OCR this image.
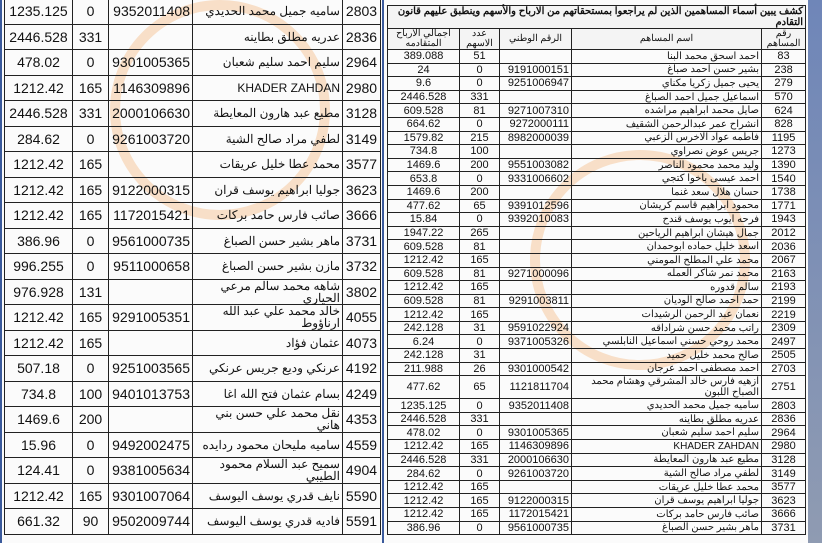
1235.125	0	9352011408	ساميه جميل محمد الحديدي	2803
2446.528	331		عدريه مطلق بطاينه	2836
478.02	0	9301005365	سليم احمد سليم شعبان	2964
1212.42	165	1146309896	KHADER ZAHDAN	2980
2446.528	331	2000106630	مطيع عبد هارون المعايطة	3128
284.62	0	9261003720	لطفي مراد صالح الشية	3149
1212.42	165		محمد عطا خليل عريقات	3577
1212.42	165	9122000315	جوليا ابراهيم يوسف قران	3623
1212.42	165	1172015421	صائب فارس حامد بركات	3666
386.96	0	9561000735	ماهر بشير حسن الصباغ	3731
996.255	0	9511000658	مازن بشير حسن الصباغ	3732
976.928	131		شاهه محمد سالم مرعي الحياري	3802
1212.42	165	9291005351	خالد محمد علي عبد الله ارناؤوط	4055
1212.42	165		عثمان فؤاد	4073
507.18	0	9251003565	عرنكي وديع جريس عرنكي	4192
734.8	100	9401013753	بسام عثمان فتح الله اغا	4249
1469.6	200		نقل محمد علي حسن بني هاني	4353
15.96	0	9492002475	ساميه مليحان محمود ردايده	4559
124.41	0	9381005634	سميح عبد السلام محمود الطيبي	4904
1212.42	165	9301007064	نايف قدري يوسف اليوسف	5590
661.32	90	9502009744	فاديه قدري يوسف اليوسف	5591
كشف يبين أسماء المساهمين الذين لم يراجعوا بمستحقاتهم من الارباح والأسهم وينطبق عليهم قانون التقادم				
اجمالي الارباح المتقادمه	عدد الاسهم	الرقم الوطني	اسم المساهم	رقم المساهم
389.088	51		احمد اسحق محمد البنا	83
24	0	9191000151	بشير حسن احمد صباغ	238
9.6	0	9251006947	يحيى جميل زكريا مكناي	279
2446.528	331		اسماعيل جميل احمد الصباغ	570
609.528	81	9271007310	صايل محمد ابراهيم مراشده	624
664.62	0	9272000111	انشراح عمر عبدالرحمن الشقيف	828
1579.82	215	8982000039	فاطمه عواد الاخرس الزعبي	1195
734.8	100		جريس عوض نصراوي	1273
1469.6	200	9551003082	وليد محمد محمود الناصر	1390
653.8	0	9331006602	احمد عيسى باخوا كتجي	1540
1469.6	200		حسان هلال سعد غنما	1738
477.62	65	9391012596	محمود ابراهيم قاسم كريشان	1771
15.84	0	9392010083	فرحه ايوب يوسف قندح	1943
1947.22	265		جمال هيشان ابراهيم الرياحين	2012
609.528	81		اسعد خليل حماده ابوحمدان	2036
1212.42	165		محمد علي المطلح المومني	2067
609.528	81	9271000096	محمد نمر شاكر العمله	2163
1212.42	165		سالم قدوره	2193
609.528	81	9291003811	حمد احمد صالح الوديان	2199
1212.42	165		نعمان عبد الرحمن الرشيدات	2219
242.128	31	9591022924	راتب محمد حسن شراداقه	2309
6.24	0	9371005326	محمد روحي حسني اسماعيل النابلسي	2497
242.128	31		صالح محمد خليل حميد	2505
211.988	26	9301000542	احمد مصطفى احمد عرجان	2703
477.62	65	1121811704	ازهيه فارس خالد المشرقي وهشام محمد الصباح اللبون	2751
1235.125	0	9352011408	ساميه جميل محمد الحديدي	2803
2446.528	331		عدريه مطلق بطاينه	2836
478.02	0	9301005365	سليم احمد سليم شعبان	2964
1212.42	165	1146309896	KHADER ZAHDAN	2980
2446.528	331	2000106630	مطيع عبد هارون المعايطة	3128
284.62	0	9261003720	لطفي مراد صالح الشية	3149
1212.42	165		محمد عطا خليل عريقات	3577
1212.42	165	9122000315	جوليا ابراهيم يوسف قران	3623
1212.42	165	1172015421	صائب فارس حامد بركات	3666
386.96	0	9561000735	ماهر بشير حسن الصباغ	3731
